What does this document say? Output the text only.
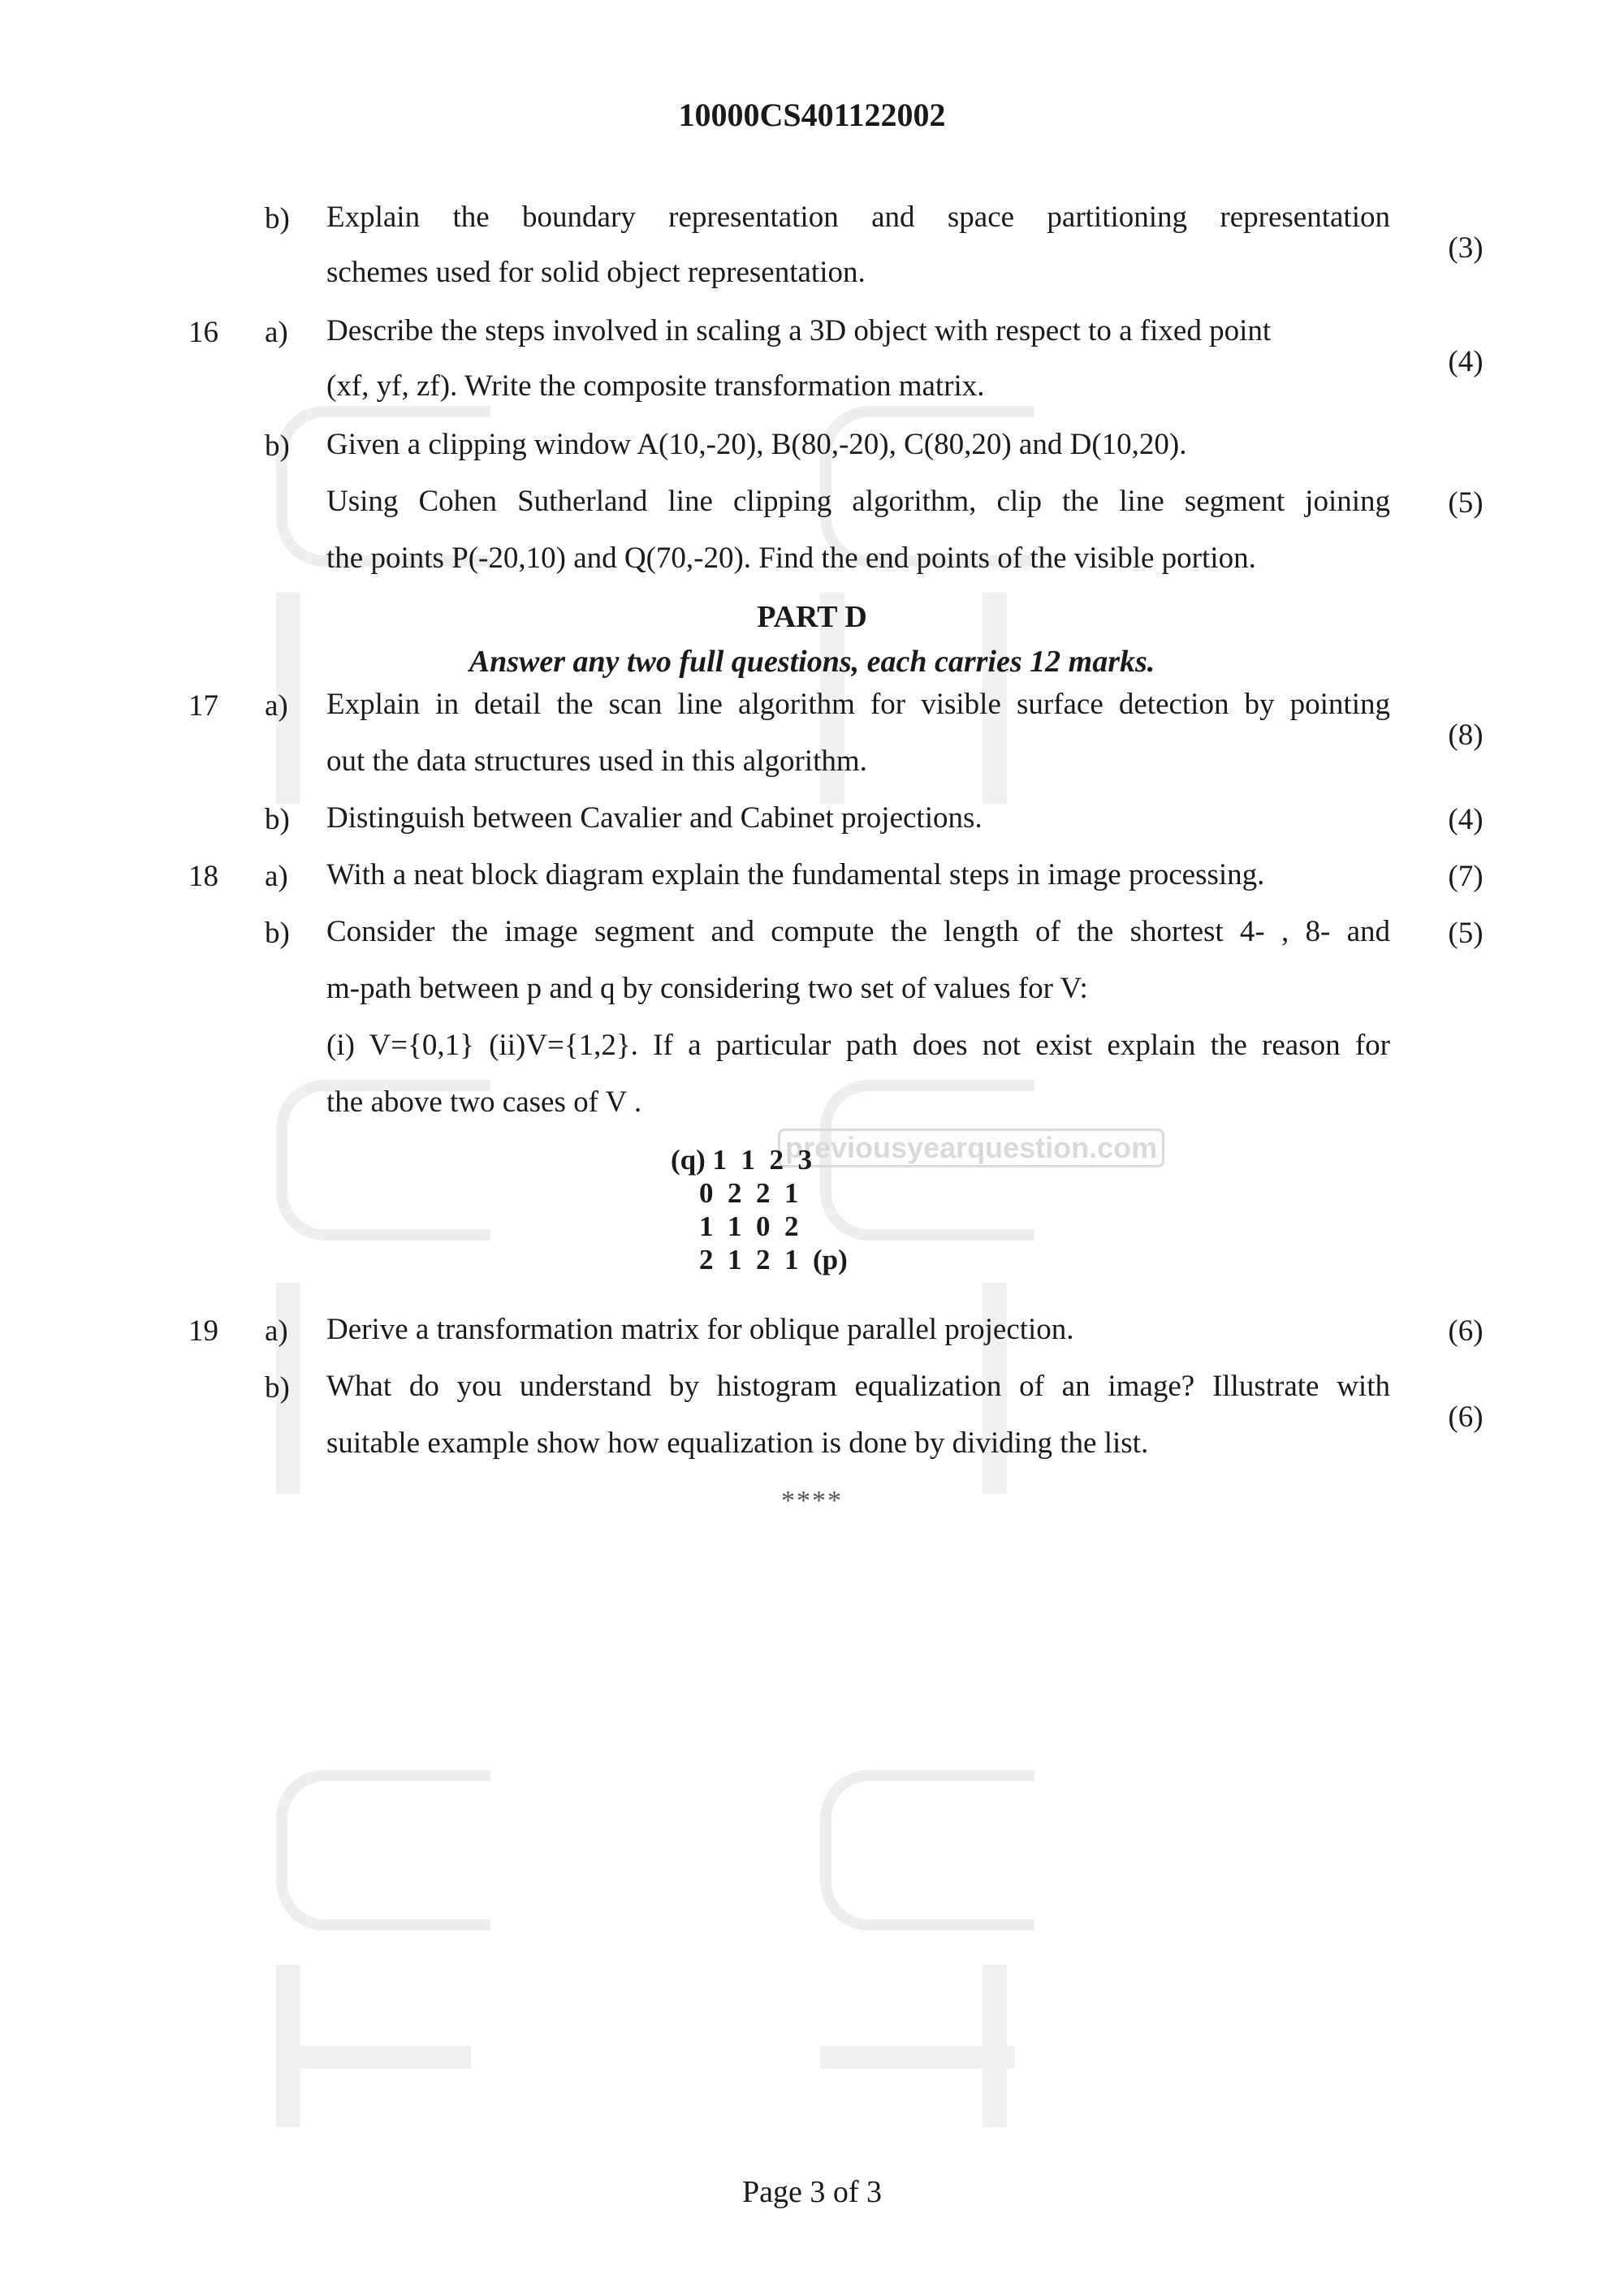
previousyearquestion.com
10000CS401122002
b) Explain the boundary representation and space partitioning representation
schemes used for solid object representation.
(3)
16 a) Describe the steps involved in scaling a 3D object with respect to a fixed point
(xf, yf, zf). Write the composite transformation matrix.
(4)
b) Given a clipping window A(10,-20), B(80,-20), C(80,20) and D(10,20).
Using Cohen Sutherland line clipping algorithm, clip the line segment joining
the points P(-20,10) and Q(70,-20). Find the end points of the visible portion.
(5)
PART D
Answer any two full questions, each carries 12 marks.
17 a) Explain in detail the scan line algorithm for visible surface detection by pointing
out the data structures used in this algorithm.
(8)
b) Distinguish between Cavalier and Cabinet projections.	(4)
18 a) With a neat block diagram explain the fundamental steps in image processing.	(7)
b) Consider the image segment and compute the length of the shortest 4- , 8- and
m-path between p and q by considering two set of values for V:
(i) V={0,1} (ii)V={1,2}. If a particular path does not exist explain the reason for
the above two cases of V .
(5)
(q) 1  1  2  3
0  2  2  1
1  1  0  2
2  1  2  1  (p)
19 a) Derive a transformation matrix for oblique parallel projection.	(6)
b) What do you understand by histogram equalization of an image? Illustrate with
suitable example show how equalization is done by dividing the list.
(6)
****
Page 3 of 3
